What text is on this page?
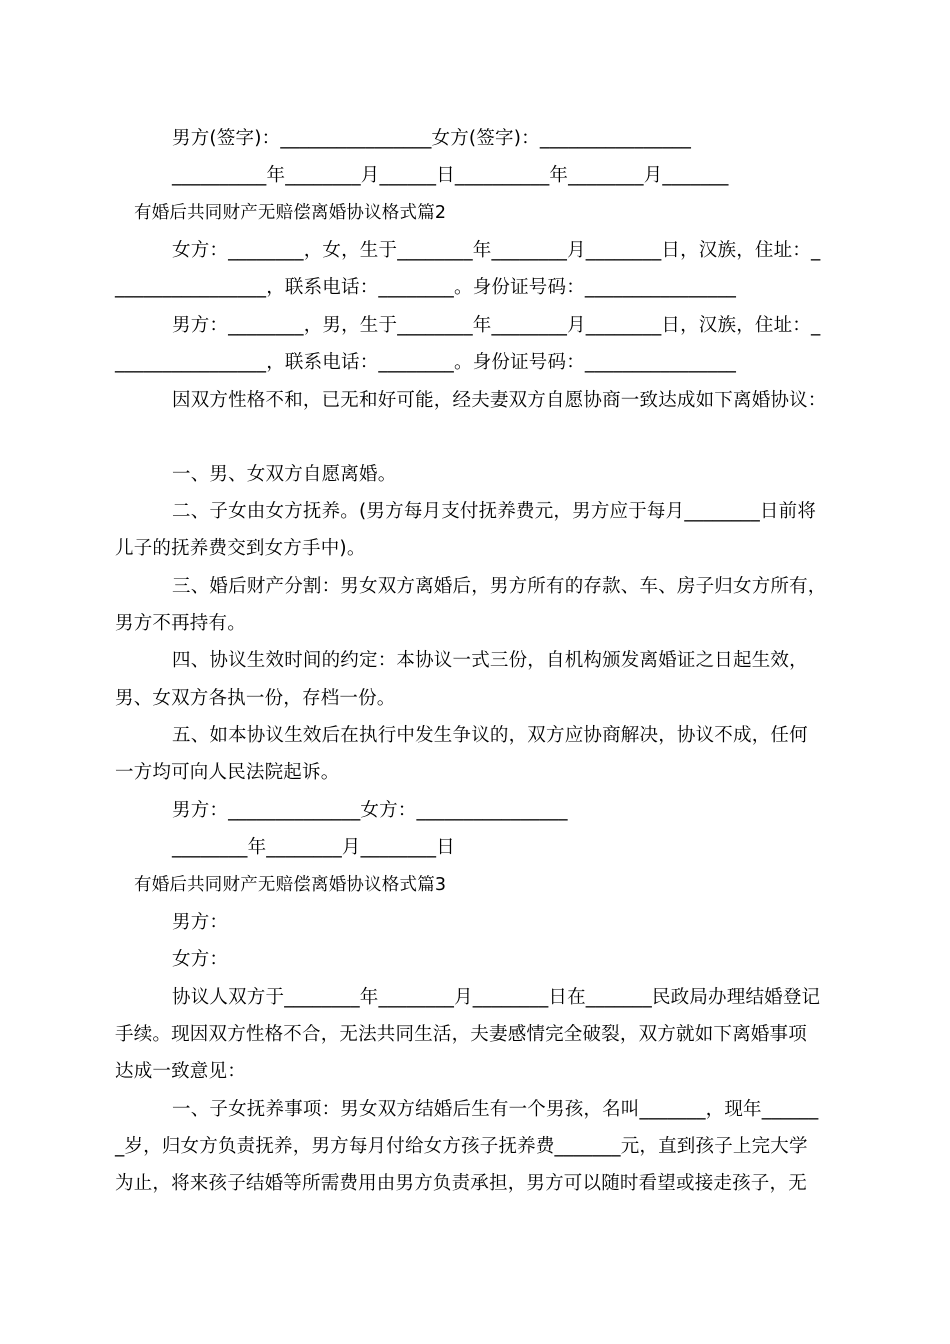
男方(签字)：________________女方(签字)：________________
__________年________月______日__________年________月_______
有婚后共同财产无赔偿离婚协议格式篇2
女方：________，女，生于________年________月________日，汉族，住址：_
________________，联系电话：________。身份证号码：________________
男方：________，男，生于________年________月________日，汉族，住址：_
________________，联系电话：________。身份证号码：________________
因双方性格不和，已无和好可能，经夫妻双方自愿协商一致达成如下离婚协议：
一、男、女双方自愿离婚。
二、子女由女方抚养。(男方每月支付抚养费元，男方应于每月________日前将
儿子的抚养费交到女方手中)。
三、婚后财产分割：男女双方离婚后，男方所有的存款、车、房子归女方所有，
男方不再持有。
四、协议生效时间的约定：本协议一式三份，自机构颁发离婚证之日起生效，
男、女双方各执一份，存档一份。
五、如本协议生效后在执行中发生争议的，双方应协商解决，协议不成，任何
一方均可向人民法院起诉。
男方：______________女方：________________
________年________月________日
有婚后共同财产无赔偿离婚协议格式篇3
男方：
女方：
协议人双方于________年________月________日在_______民政局办理结婚登记
手续。现因双方性格不合，无法共同生活，夫妻感情完全破裂，双方就如下离婚事项
达成一致意见：
一、子女抚养事项：男女双方结婚后生有一个男孩，名叫_______，现年______
_岁，归女方负责抚养，男方每月付给女方孩子抚养费_______元，直到孩子上完大学
为止，将来孩子结婚等所需费用由男方负责承担，男方可以随时看望或接走孩子，无
